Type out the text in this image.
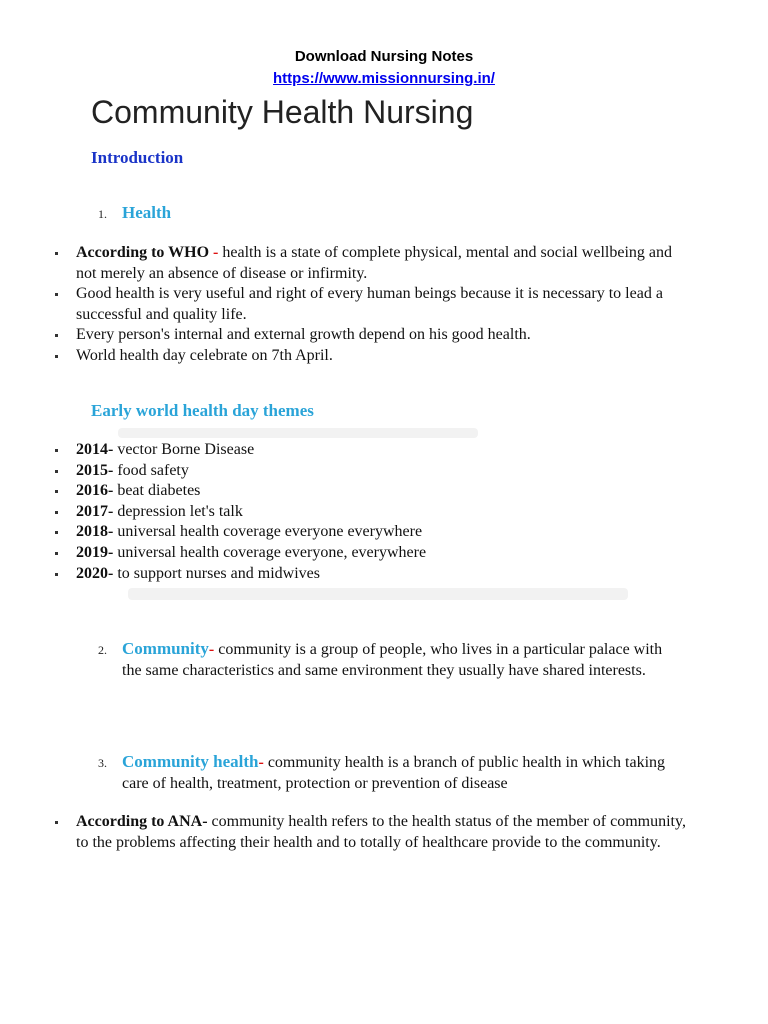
Download Nursing Notes
https://www.missionnursing.in/
Community Health Nursing
Introduction
1. Health
According to WHO - health is a state of complete physical, mental and social wellbeing and not merely an absence of disease or infirmity.
Good health is very useful and right of every human beings because it is necessary to lead a successful and quality life.
Every person's internal and external growth depend on his good health.
World health day celebrate on 7th April.
Early world health day themes
2014- vector Borne Disease
2015- food safety
2016- beat diabetes
2017- depression let's talk
2018- universal health coverage everyone everywhere
2019- universal health coverage everyone, everywhere
2020- to support nurses and midwives
2. Community- community is a group of people, who lives in a particular palace with the same characteristics and same environment they usually have shared interests.
3. Community health- community health is a branch of public health in which taking care of health, treatment, protection or prevention of disease
According to ANA- community health refers to the health status of the member of community, to the problems affecting their health and to totally of healthcare provide to the community.
